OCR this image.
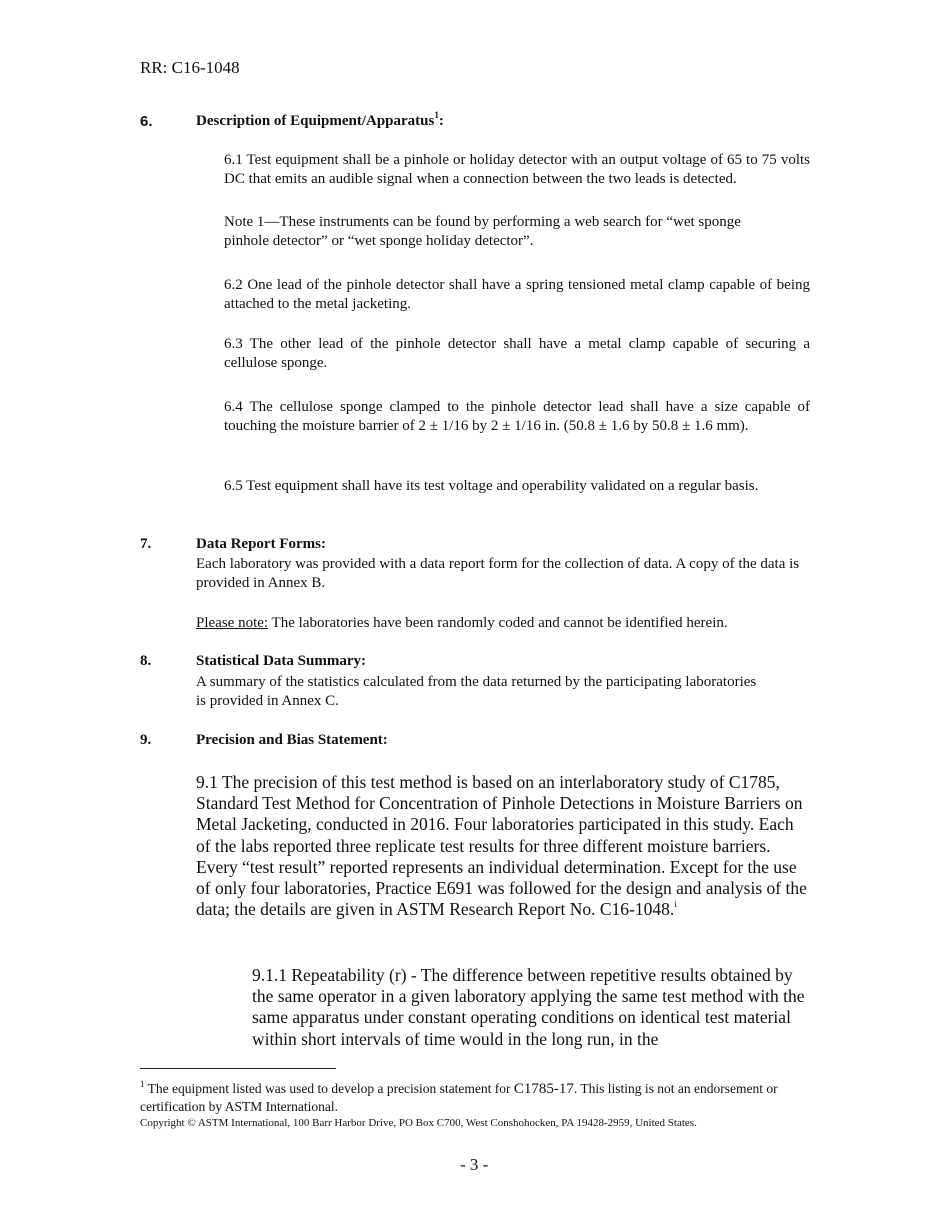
RR: C16-1048
6.	Description of Equipment/Apparatus$^1$:
6.1 Test equipment shall be a pinhole or holiday detector with an output voltage of 65 to 75 volts DC that emits an audible signal when a connection between the two leads is detected.
Note 1—These instruments can be found by performing a web search for “wet sponge pinhole detector” or “wet sponge holiday detector”.
6.2 One lead of the pinhole detector shall have a spring tensioned metal clamp capable of being attached to the metal jacketing.
6.3 The other lead of the pinhole detector shall have a metal clamp capable of securing a cellulose sponge.
6.4 The cellulose sponge clamped to the pinhole detector lead shall have a size capable of touching the moisture barrier of 2 ± 1/16 by 2 ± 1/16 in. (50.8 ± 1.6 by 50.8 ± 1.6 mm).
6.5 Test equipment shall have its test voltage and operability validated on a regular basis.
7.	Data Report Forms:
Each laboratory was provided with a data report form for the collection of data. A copy of the data is provided in Annex B.
Please note: The laboratories have been randomly coded and cannot be identified herein.
8.	Statistical Data Summary:
A summary of the statistics calculated from the data returned by the participating laboratories is provided in Annex C.
9.	Precision and Bias Statement:
9.1 The precision of this test method is based on an interlaboratory study of C1785, Standard Test Method for Concentration of Pinhole Detections in Moisture Barriers on Metal Jacketing, conducted in 2016. Four laboratories participated in this study. Each of the labs reported three replicate test results for three different moisture barriers. Every “test result” reported represents an individual determination. Except for the use of only four laboratories, Practice E691 was followed for the design and analysis of the data; the details are given in ASTM Research Report No. C16-1048.$^i$
9.1.1 Repeatability (r) - The difference between repetitive results obtained by the same operator in a given laboratory applying the same test method with the same apparatus under constant operating conditions on identical test material within short intervals of time would in the long run, in the
$^1$ The equipment listed was used to develop a precision statement for C1785-17. This listing is not an endorsement or certification by ASTM International.
Copyright © ASTM International, 100 Barr Harbor Drive, PO Box C700, West Conshohocken, PA 19428-2959, United States.
- 3 -
